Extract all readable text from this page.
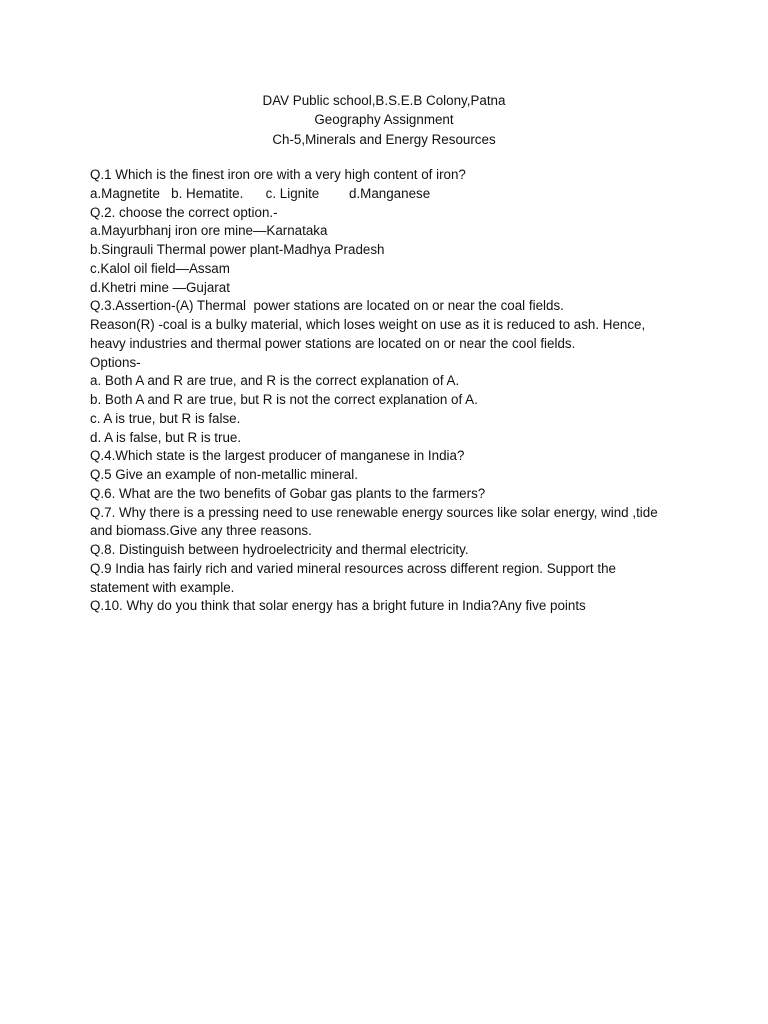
DAV Public school,B.S.E.B Colony,Patna
Geography Assignment
Ch-5,Minerals and Energy Resources
Q.1 Which is the finest iron ore with a very high content of iron?
a.Magnetite   b. Hematite.      c. Lignite        d.Manganese
Q.2. choose the correct option.-
a.Mayurbhanj iron ore mine—Karnataka
b.Singrauli Thermal power plant-Madhya Pradesh
c.Kalol oil field—Assam
d.Khetri mine —Gujarat
Q.3.Assertion-(A) Thermal  power stations are located on or near the coal fields.
Reason(R) -coal is a bulky material, which loses weight on use as it is reduced to ash. Hence,
heavy industries and thermal power stations are located on or near the cool fields.
Options-
a. Both A and R are true, and R is the correct explanation of A.
b. Both A and R are true, but R is not the correct explanation of A.
c. A is true, but R is false.
d. A is false, but R is true.
Q.4.Which state is the largest producer of manganese in India?
Q.5 Give an example of non-metallic mineral.
Q.6. What are the two benefits of Gobar gas plants to the farmers?
Q.7. Why there is a pressing need to use renewable energy sources like solar energy, wind ,tide
and biomass.Give any three reasons.
Q.8. Distinguish between hydroelectricity and thermal electricity.
Q.9 India has fairly rich and varied mineral resources across different region. Support the
statement with example.
Q.10. Why do you think that solar energy has a bright future in India?Any five points
